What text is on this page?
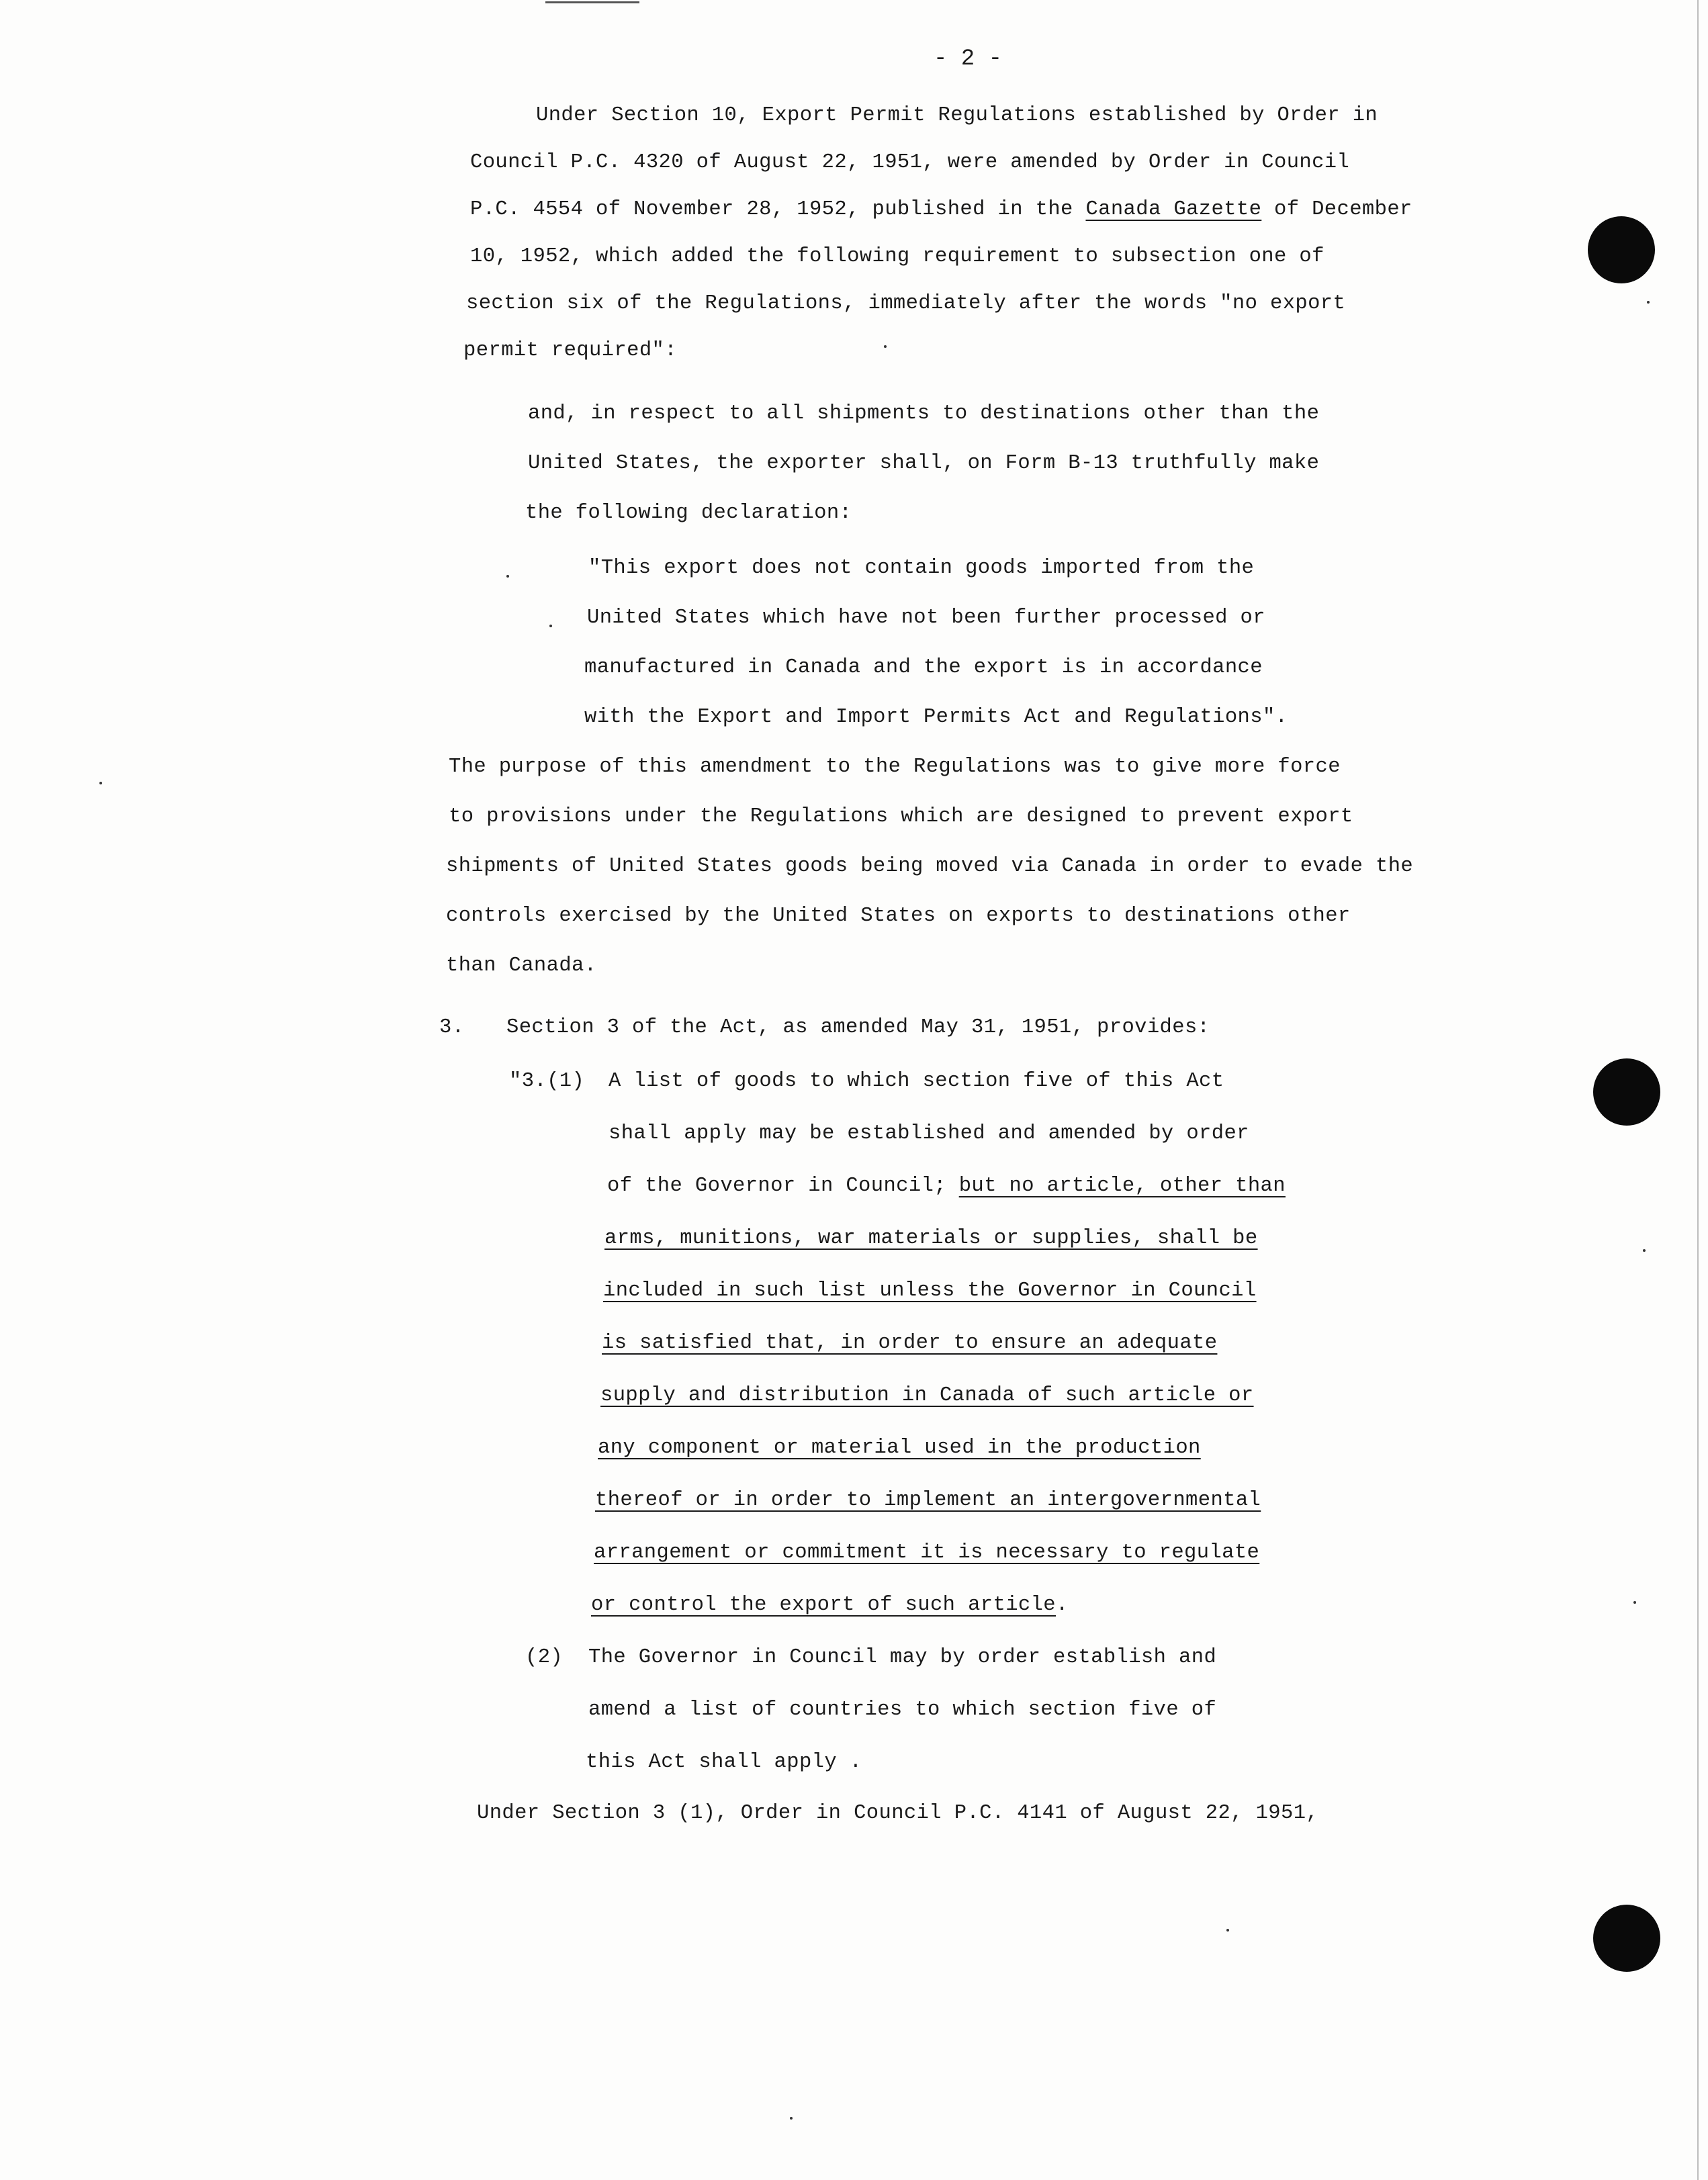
- 2 -
Under Section 10, Export Permit Regulations established by Order in
Council P.C. 4320 of August 22, 1951, were amended by Order in Council
P.C. 4554 of November 28, 1952, published in the Canada Gazette of December
10, 1952, which added the following requirement to subsection one of
section six of the Regulations, immediately after the words "no export
permit required":
and, in respect to all shipments to destinations other than the
United States, the exporter shall, on Form B-13 truthfully make
the following declaration:
"This export does not contain goods imported from the
United States which have not been further processed or
manufactured in Canada and the export is in accordance
with the Export and Import Permits Act and Regulations".
The purpose of this amendment to the Regulations was to give more force
to provisions under the Regulations which are designed to prevent export
shipments of United States goods being moved via Canada in order to evade the
controls exercised by the United States on exports to destinations other
than Canada.
3. Section 3 of the Act, as amended May 31, 1951, provides:
"3.(1) A list of goods to which section five of this Act
shall apply may be established and amended by order
of the Governor in Council; but no article, other than
arms, munitions, war materials or supplies, shall be
included in such list unless the Governor in Council
is satisfied that, in order to ensure an adequate
supply and distribution in Canada of such article or
any component or material used in the production
thereof or in order to implement an intergovernmental
arrangement or commitment it is necessary to regulate
or control the export of such article.
(2) The Governor in Council may by order establish and
amend a list of countries to which section five of
this Act shall apply .
Under Section 3 (1), Order in Council P.C. 4141 of August 22, 1951,
